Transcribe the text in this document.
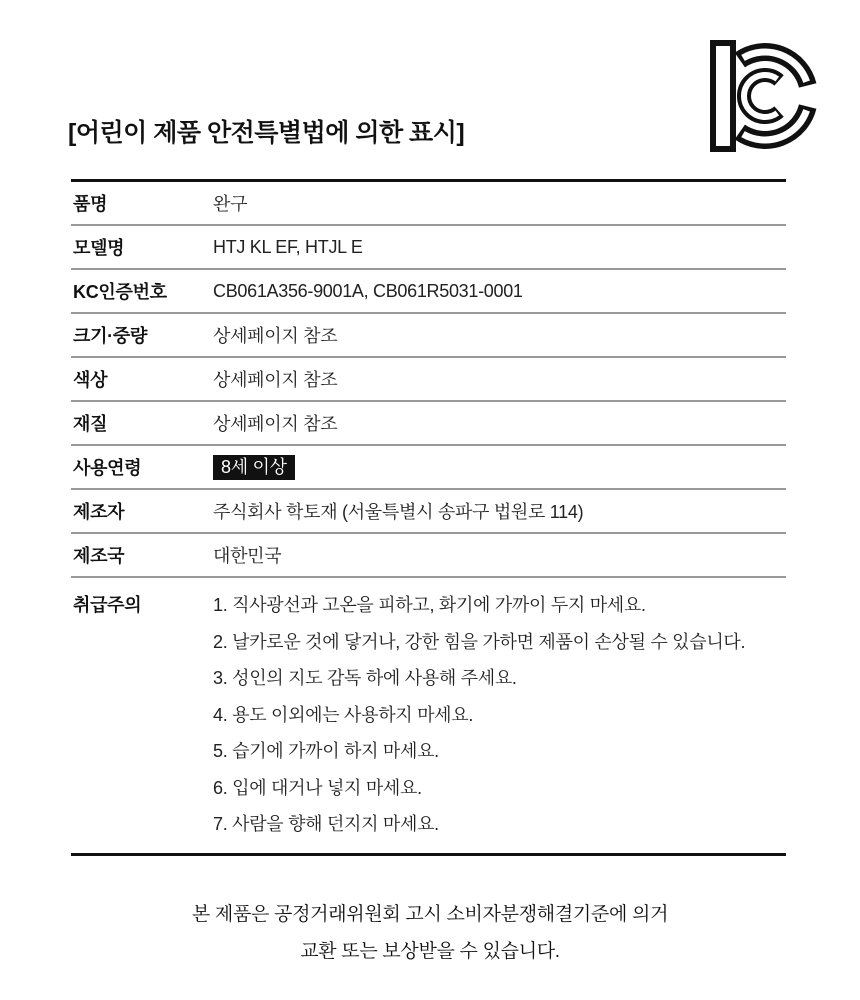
[어린이 제품 안전특별법에 의한 표시]
품명	완구
모델명	HTJ KL EF, HTJL E
KC인증번호	CB061A356-9001A, CB061R5031-0001
크기·중량	상세페이지 참조
색상	상세페이지 참조
재질	상세페이지 참조
사용연령	8세 이상
제조자	주식회사 학토재 (서울특별시 송파구 법원로 114)
제조국	대한민국
취급주의	1. 직사광선과 고온을 피하고, 화기에 가까이 두지 마세요.
2. 날카로운 것에 닿거나, 강한 힘을 가하면 제품이 손상될 수 있습니다.
3. 성인의 지도 감독 하에 사용해 주세요.
4. 용도 이외에는 사용하지 마세요.
5. 습기에 가까이 하지 마세요.
6. 입에 대거나 넣지 마세요.
7. 사람을 향해 던지지 마세요.
본 제품은 공정거래위원회 고시 소비자분쟁해결기준에 의거
교환 또는 보상받을 수 있습니다.
